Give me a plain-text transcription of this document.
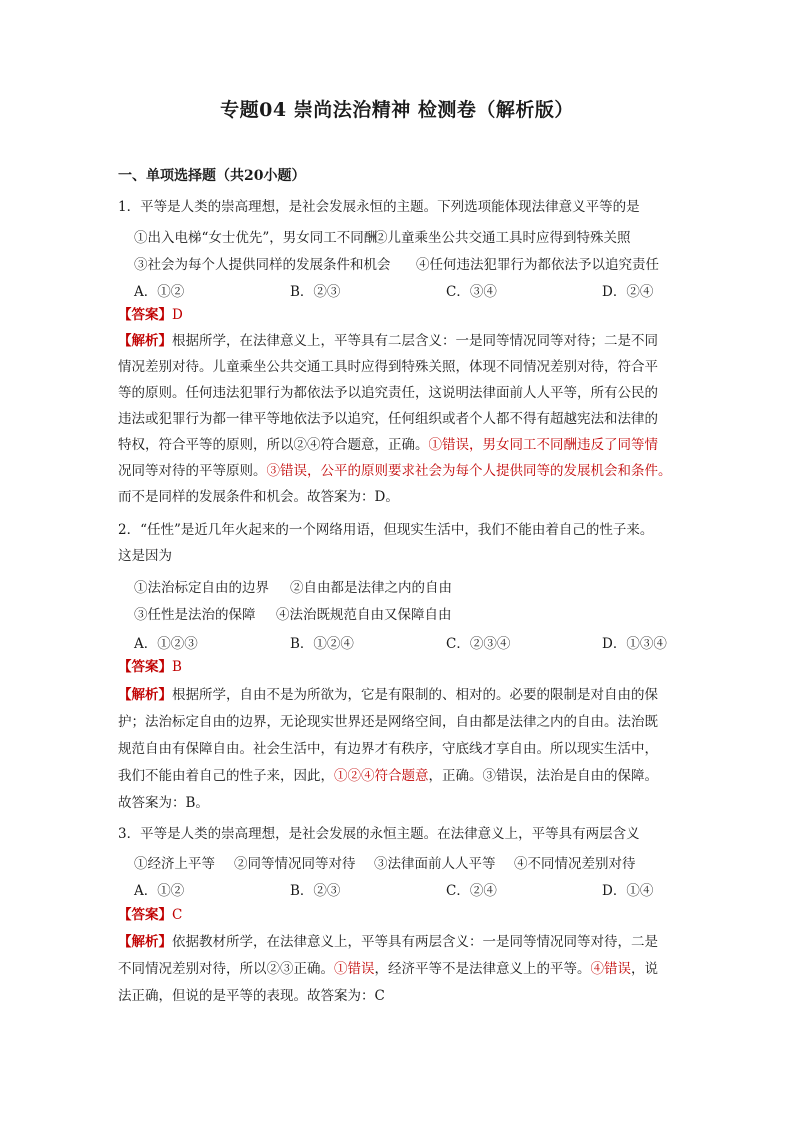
专题04 崇尚法治精神 检测卷（解析版）
一、单项选择题（共20小题）
1．平等是人类的崇高理想，是社会发展永恒的主题。下列选项能体现法律意义平等的是
①出入电梯“女士优先”，男女同工不同酬
②儿童乘坐公共交通工具时应得到特殊关照
③社会为每个人提供同样的发展条件和机会 ④任何违法犯罪行为都依法予以追究责任
A．①②	B．②③	C．③④	D．②④
【答案】D
【解析】根据所学，在法律意义上，平等具有二层含义：一是同等情况同等对待；二是不同
情况差别对待。儿童乘坐公共交通工具时应得到特殊关照，体现不同情况差别对待，符合平
等的原则。任何违法犯罪行为都依法予以追究责任，这说明法律面前人人平等，所有公民的
违法或犯罪行为都一律平等地依法予以追究，任何组织或者个人都不得有超越宪法和法律的
特权，符合平等的原则，所以②④符合题意，正确。①错误，男女同工不同酬违反了同等情
况同等对待的平等原则。③错误，公平的原则要求社会为每个人提供同等的发展机会和条件。
而不是同样的发展条件和机会。故答案为：D。
2．“任性”是近几年火起来的一个网络用语，但现实生活中，我们不能由着自己的性子来。
这是因为
①法治标定自由的边界 ②自由都是法律之内的自由
③任性是法治的保障 ④法治既规范自由又保障自由
A．①②③	B．①②④	C．②③④	D．①③④
【答案】B
【解析】根据所学，自由不是为所欲为，它是有限制的、相对的。必要的限制是对自由的保
护；法治标定自由的边界，无论现实世界还是网络空间，自由都是法律之内的自由。法治既
规范自由有保障自由。社会生活中，有边界才有秩序，守底线才享自由。所以现实生活中，
我们不能由着自己的性子来，因此，①②④符合题意，正确。③错误，法治是自由的保障。
故答案为：B。
3．平等是人类的崇高理想，是社会发展的永恒主题。在法律意义上，平等具有两层含义
①经济上平等 ②同等情况同等对待 ③法律面前人人平等 ④不同情况差别对待
A．①②	B．②③	C．②④	D．①④
【答案】C
【解析】依据教材所学，在法律意义上，平等具有两层含义：一是同等情况同等对待，二是
不同情况差别对待，所以②③正确。①错误，经济平等不是法律意义上的平等。④错误，说
法正确，但说的是平等的表现。故答案为：C
